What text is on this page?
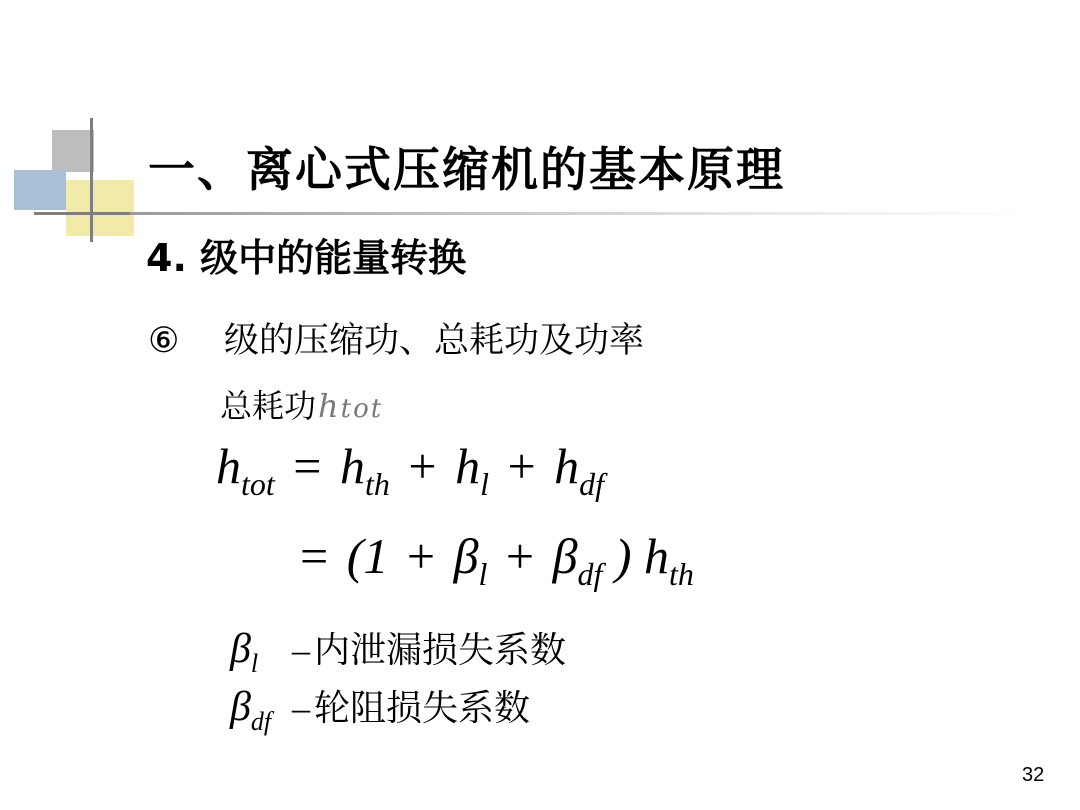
一、离心式压缩机的基本原理
4. 级中的能量转换
⑥ 级的压缩功、总耗功及功率
总耗功htot
$h_{tot} = h_{th} + h_l + h_{df}$
= ($1 + \beta_l + \beta_{df}$ ) $h_{th}$
$\beta_l$ – 内泄漏损失系数
$\beta_{df}$ – 轮阻损失系数
32
